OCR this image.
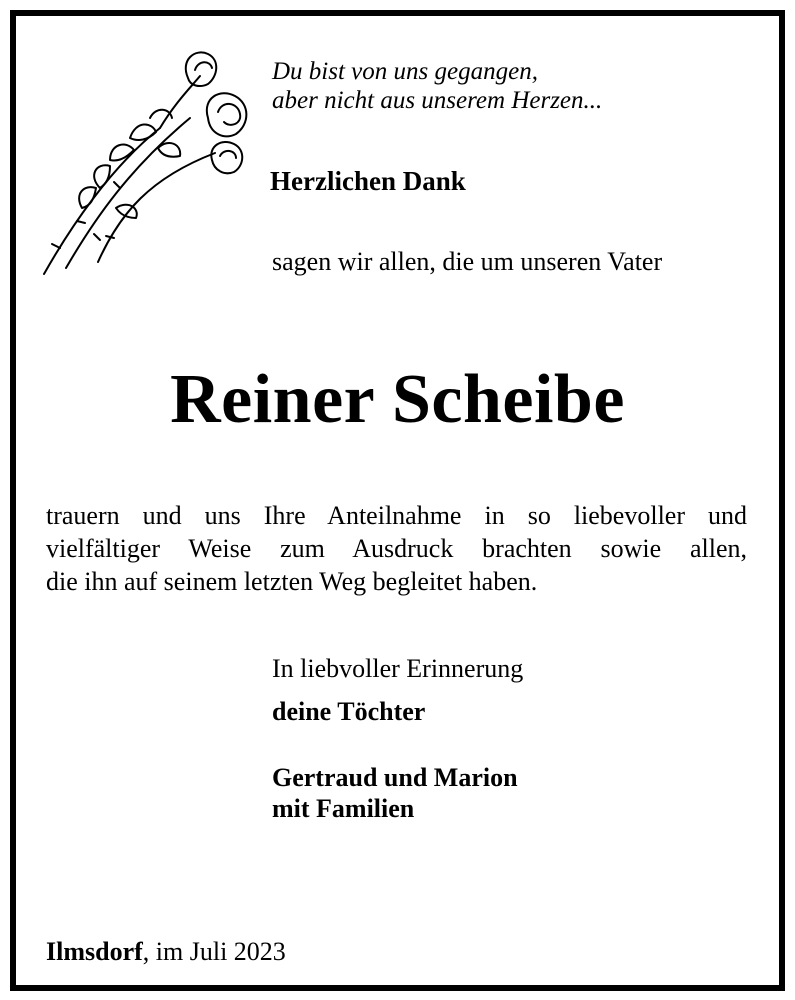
Du bist von uns gegangen,
aber nicht aus unserem Herzen...
Herzlichen Dank
sagen wir allen, die um unseren Vater
Reiner Scheibe
trauern und uns Ihre Anteilnahme in so liebevoller und
vielfältiger Weise zum Ausdruck brachten sowie allen,
die ihn auf seinem letzten Weg begleitet haben.
In liebvoller Erinnerung
deine Töchter
Gertraud und Marion
mit Familien
Ilmsdorf, im Juli 2023
